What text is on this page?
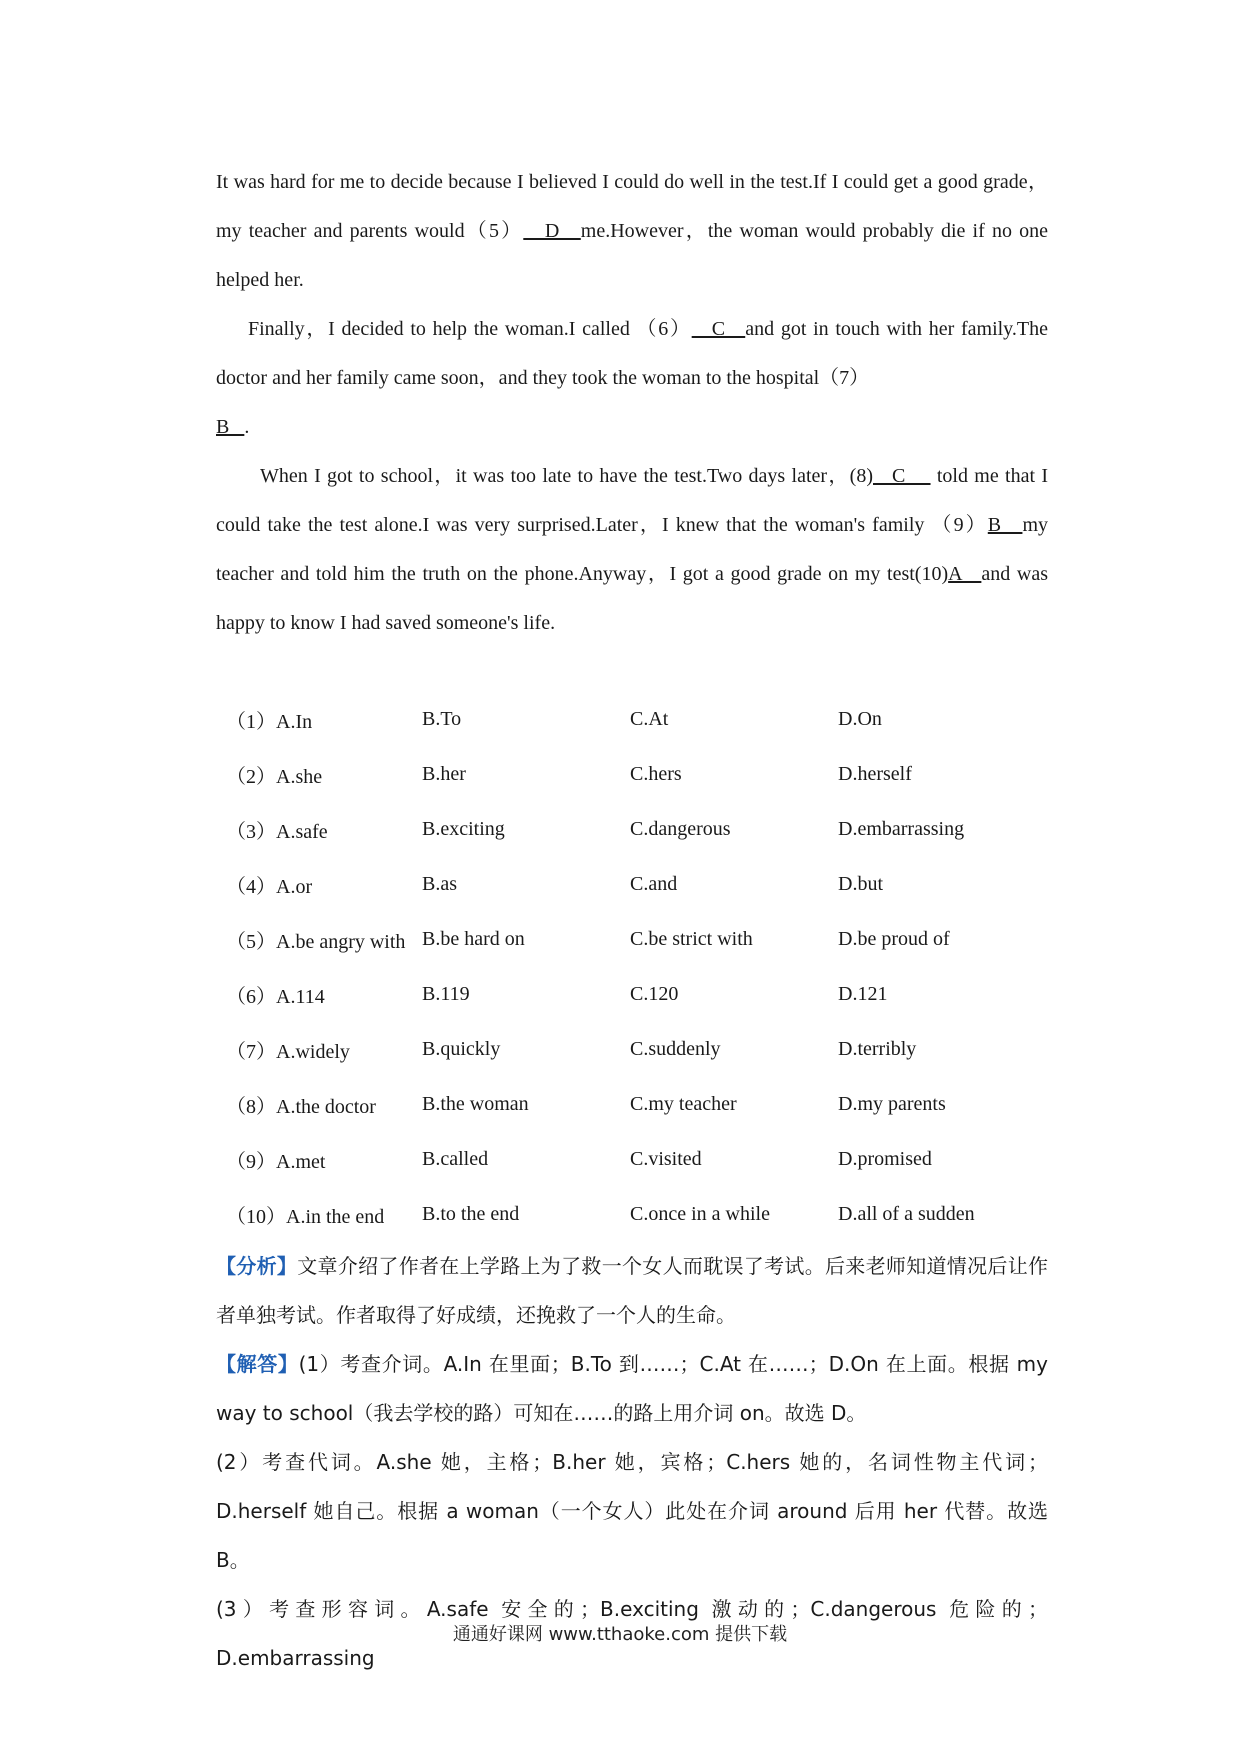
It was hard for me to decide because I believed I could do well in the test.If I could get a good grade，my teacher and parents would（5）   D   me.However，the woman would probably die if no one helped her.

Finally，I decided to help the woman.I called （6）   C   and got in touch with her family.The doctor and her family came soon，and they took the woman to the hospital（7）
B   .

When I got to school，it was too late to have the test.Two days later，(8)   C     told me that I could take the test alone.I was very surprised.Later，I knew that the woman's family （9）B   my teacher and told him the truth on the phone.Anyway，I got a good grade on my test(10)A   and was happy to know I had saved someone's life.

（1）A.In	B.To	C.At	D.On
（2）A.she	B.her	C.hers	D.herself
（3）A.safe	B.exciting	C.dangerous	D.embarrassing
（4）A.or	B.as	C.and	D.but
（5）A.be angry with B.be hard on	C.be strict with	D.be proud of
（6）A.114	B.119	C.120	D.121
（7）A.widely	B.quickly	C.suddenly	D.terribly
（8）A.the doctor	B.the woman	C.my teacher	D.my parents
（9）A.met	B.called	C.visited	D.promised
（10）A.in the end	B.to the end	C.once in a while	D.all of a sudden

【分析】文章介绍了作者在上学路上为了救一个女人而耽误了考试。后来老师知道情况后让作者单独考试。作者取得了好成绩，还挽救了一个人的生命。

【解答】(1）考查介词。A.In 在里面；B.To 到……；C.At 在……；D.On 在上面。根据 my way to school（我去学校的路）可知在……的路上用介词 on。故选 D。

(2）考查代词。A.she 她，主格；B.her 她，宾格；C.hers 她的，名词性物主代词；D.herself 她自己。根据 a woman（一个女人）此处在介词 around 后用 her 代替。故选 B。

(3）考查形容词。A.safe 安全的；B.exciting 激动的；C.dangerous 危险的；D.embarrassing

通通好课网 www.tthaoke.com 提供下载
